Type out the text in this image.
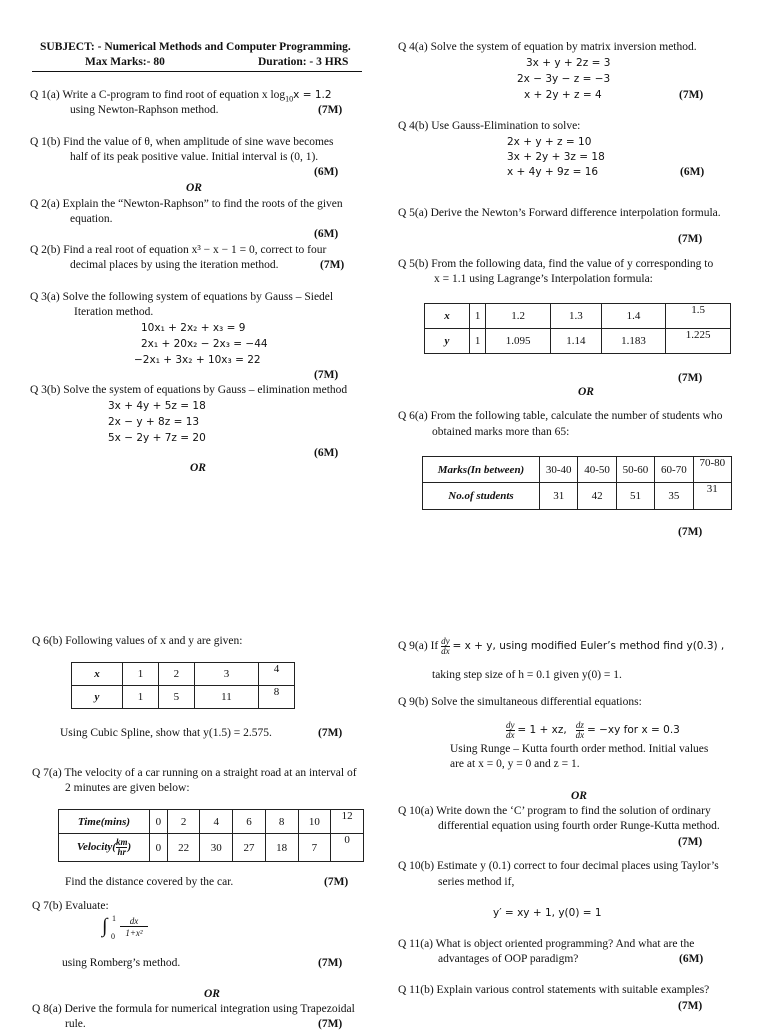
SUBJECT: - Numerical Methods and Computer Programming.
Max Marks:- 80	Duration: - 3 HRS
Q 1(a) Write a C-program to find root of equation x $\log_{10}x = 1.2$
using Newton-Raphson method.	(7M)
Q 1(b) Find the value of θ, when amplitude of sine wave becomes
half of its peak positive value. Initial interval is (0, 1).
(6M)
OR
Q 2(a) Explain the “Newton-Raphson” to find the roots of the given
equation.
(6M)
Q 2(b) Find a real root of equation x³ − x − 1 = 0, correct to four
decimal places by using the iteration method.	(7M)
Q 3(a) Solve the following system of equations by Gauss – Siedel
Iteration method.
10x₁ + 2x₂ + x₃ = 9
2x₁ + 20x₂ − 2x₃ = −44
−2x₁ + 3x₂ + 10x₃ = 22
(7M)
Q 3(b) Solve the system of equations by Gauss – elimination method
3x + 4y + 5z = 18
2x − y + 8z = 13
5x − 2y + 7z = 20
(6M)
OR
Q 6(b) Following values of x and y are given:
x	1	2	3	4
y	1	5	11	8
Using Cubic Spline, show that y(1.5) = 2.575.	(7M)
Q 7(a) The velocity of a car running on a straight road at an interval of
2 minutes are given below:
Time(mins)	0	2	4	6	8	10	12
Velocity( $\frac{km}{hr}$ )	0	22	30	27	18	7	0
Find the distance covered by the car.	(7M)
Q 7(b) Evaluate:
∫ 1
0
dx
1+x²
using Romberg’s method.	(7M)
OR
Q 8(a) Derive the formula for numerical integration using Trapezoidal
rule.	(7M)
Q 4(a) Solve the system of equation by matrix inversion method.
3x + y + 2z = 3
2x − 3y − z = −3
x + 2y + z = 4	(7M)
Q 4(b) Use Gauss-Elimination to solve:
2x + y + z = 10
3x + 2y + 3z = 18
x + 4y + 9z = 16	(6M)
Q 5(a) Derive the Newton’s Forward difference interpolation formula.
(7M)
Q 5(b) From the following data, find the value of y corresponding to
x = 1.1 using Lagrange’s Interpolation formula:
x	1	1.2	1.3	1.4	1.5
y	1	1.095	1.14	1.183	1.225
(7M)
OR
Q 6(a) From the following table, calculate the number of students who
obtained marks more than 65:
Marks(In between)	30-40	40-50	50-60	60-70	70-80
No.of students	31	42	51	35	31
(7M)
Q 9(a) If $\frac{dy}{dx} = x + y$, using modified Euler’s method find y(0.3) ,
taking step size of h = 0.1 given y(0) = 1.
Q 9(b) Solve the simultaneous differential equations:
$\frac{dy}{dx} = 1$ + xz, $\frac{dz}{dx} = -xy$ for x = 0.3
Using Runge – Kutta fourth order method. Initial values
are at x = 0, y = 0 and z = 1.
OR
Q 10(a) Write down the ‘C’ program to find the solution of ordinary
differential equation using fourth order Runge-Kutta method.
(7M)
Q 10(b) Estimate y (0.1) correct to four decimal places using Taylor’s
series method if,
y′ = xy + 1, y(0) = 1
Q 11(a) What is object oriented programming? And what are the
advantages of OOP paradigm?	(6M)
Q 11(b) Explain various control statements with suitable examples?
(7M)
